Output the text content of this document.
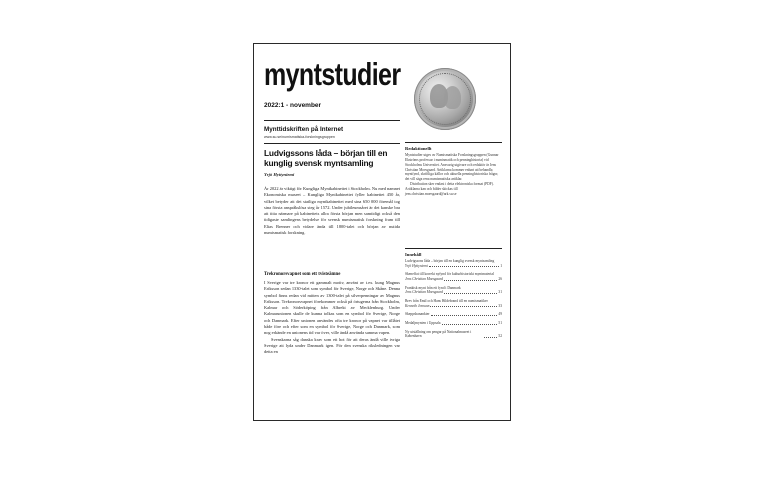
myntstudier
2022:1 - november
Mynttidskriften på Internet
www.su.se/numismatiska-forskningsgruppen
Ludvigssons låda – början till en kunglig svensk myntsamling
Yrjö Hyttyniemi

År 2022 är viktigt för Kungliga Myntkabinettet i Stockholm. Nu med namnet Ekonomiska museet – Kungliga Myntkabinettet fyller kabinettet 450 år, vilket betyder att det statliga myntkabinettet med sina 650 000 föremål tog sina första anspråkslösa steg år 1572. Under jubileumsåret är det kanske bra att titta närmare på kabinettets allra första början men samtidigt också den tidigaste samlingens betydelse för svensk numismatisk forskning fram till Elias Brenner och vidare ända till 1800-talet och början av nutida numismatisk forskning.

Trekronorsvapnet som ett tvisteämne

I Sverige var tre kronor ett gammalt motiv, använt av t.ex. kung Magnus Eriksson sedan 1330-talet som symbol för Sverige, Norge och Skåne. Denna symbol finns redan vid mitten av 1300-talet på silverpenningar av Magnus Eriksson. Trekronorsvapnet förekommer också på örtugerna från Stockholm, Kalmar och Söderköping från Albrekt av Mecklenburg. Under Kalmarunionen skulle de kunna tolkas som en symbol för Sverige, Norge och Danmark. Efter unionen användes ofta tre kronor på vapnet var tillåtet både före och efter som en symbol för Sverige, Norge och Danmark, som nog erkände en unionens tid var över, ville ändå använda samma vapen.

Svenskarna såg danska krav som ett hot för att deras ändå ville ivriga Sverige att lyda under Danmark igen. För den svenska riksledningen var detta en

Redaktionellt

Myntstudier utges av Numismatiska Forskningsgruppen (Gunnar Ekströms professur i numismatik och penninghistoria) vid Stockholms Universitet. Ansvarig utgivare och redaktör är Jens Christian Moesgaard. Artiklarna kommer enbart att behandla myntfynd, skriftliga källor och aktuella penninghistoriska frågor, det vill säga rena numismatiska artiklar.

Distribution sker endast i detta elektroniska format (PDF). Artiklarna kan och bilder skickas till jens.christian.moesgaard@ark.su.se

Innehåll
Ludvigssons låda – början till en kunglig svensk myntsamling
Yrjö Hyttyniemi	1
Skeneffat till korrekt nyfynd för kulturhistoriskt myntmaterial
Jens Christian Moesgaard	26
Frankisk mynt från ett fynd i Danmark
Jens Christian Moesgaard	31
Brev från Emil och Hans Hildebrand till en numismatiker
Kenneth Jonsson	33
Skeppsbanankter	49
Medaljmynten i Uppsala	51
Ny utställning om pengar på Nationalmuseet i København	52
